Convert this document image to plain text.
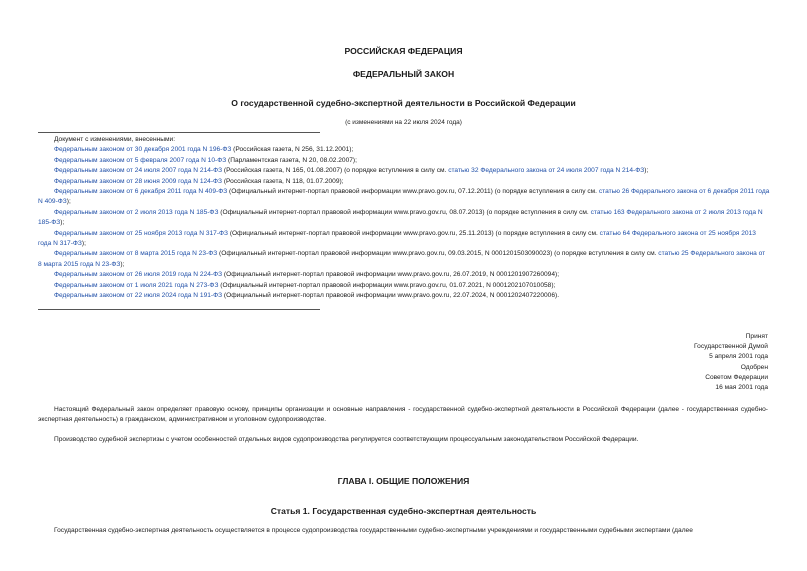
РОССИЙСКАЯ ФЕДЕРАЦИЯ
ФЕДЕРАЛЬНЫЙ ЗАКОН
О государственной судебно-экспертной деятельности в Российской Федерации
(с изменениями на 22 июля 2024 года)
Документ с изменениями, внесенными:
Федеральным законом от 30 декабря 2001 года N 196-ФЗ (Российская газета, N 256, 31.12.2001);
Федеральным законом от 5 февраля 2007 года N 10-ФЗ (Парламентская газета, N 20, 08.02.2007);
Федеральным законом от 24 июля 2007 года N 214-ФЗ (Российская газета, N 165, 01.08.2007) (о порядке вступления в силу см. статью 32 Федерального закона от 24 июля 2007 года N 214-ФЗ);
Федеральным законом от 28 июня 2009 года N 124-ФЗ (Российская газета, N 118, 01.07.2009);
Федеральным законом от 6 декабря 2011 года N 409-ФЗ (Официальный интернет-портал правовой информации www.pravo.gov.ru, 07.12.2011) (о порядке вступления в силу см. статью 26 Федерального закона от 6 декабря 2011 года N 409-ФЗ);
Федеральным законом от 2 июля 2013 года N 185-ФЗ (Официальный интернет-портал правовой информации www.pravo.gov.ru, 08.07.2013) (о порядке вступления в силу см. статью 163 Федерального закона от 2 июля 2013 года N 185-ФЗ);
Федеральным законом от 25 ноября 2013 года N 317-ФЗ (Официальный интернет-портал правовой информации www.pravo.gov.ru, 25.11.2013) (о порядке вступления в силу см. статью 64 Федерального закона от 25 ноября 2013 года N 317-ФЗ);
Федеральным законом от 8 марта 2015 года N 23-ФЗ (Официальный интернет-портал правовой информации www.pravo.gov.ru, 09.03.2015, N 0001201503090023) (о порядке вступления в силу см. статью 25 Федерального закона от 8 марта 2015 года N 23-ФЗ);
Федеральным законом от 26 июля 2019 года N 224-ФЗ (Официальный интернет-портал правовой информации www.pravo.gov.ru, 26.07.2019, N 0001201907260094);
Федеральным законом от 1 июля 2021 года N 273-ФЗ (Официальный интернет-портал правовой информации www.pravo.gov.ru, 01.07.2021, N 0001202107010058);
Федеральным законом от 22 июля 2024 года N 191-ФЗ (Официальный интернет-портал правовой информации www.pravo.gov.ru, 22.07.2024, N 0001202407220006).
Принят
Государственной Думой
5 апреля 2001 года
Одобрен
Советом Федерации
16 мая 2001 года
Настоящий Федеральный закон определяет правовую основу, принципы организации и основные направления - государственной судебно-экспертной деятельности в Российской Федерации (далее - государственная судебно-экспертная деятельность) в гражданском, административном и уголовном судопроизводстве.
Производство судебной экспертизы с учетом особенностей отдельных видов судопроизводства регулируется соответствующим процессуальным законодательством Российской Федерации.
ГЛАВА I. ОБЩИЕ ПОЛОЖЕНИЯ
Статья 1. Государственная судебно-экспертная деятельность
Государственная судебно-экспертная деятельность осуществляется в процессе судопроизводства государственными судебно-экспертными учреждениями и государственными судебными экспертами (далее
